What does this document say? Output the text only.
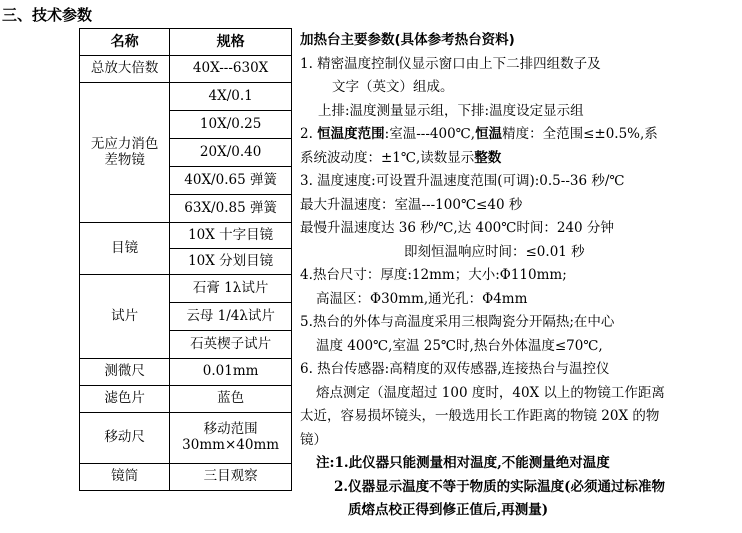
三、技术参数
名称	规格
总放大倍数	40X---630X
无应力消色
差物镜	4X/0.1
	10X/0.25
	20X/0.40
	40X/0.65 弹簧
	63X/0.85 弹簧
目镜	10X 十字目镜
	10X 分划目镜
试片	石膏 1λ试片
	云母 1/4λ试片
	石英楔子试片
测微尺	0.01mm
滤色片	蓝色
移动尺	移动范围
30mm×40mm
镜筒	三目观察
加热台主要参数(具体参考热台资料)
1. 精密温度控制仪显示窗口由上下二排四组数子及
文字（英文）组成。
上排:温度测量显示组，下排:温度设定显示组
2. 恒温度范围:室温---400℃,恒温精度：全范围≤±0.5%,系
系统波动度：±1℃,读数显示整数
3. 温度速度:可设置升温速度范围(可调):0.5--36 秒/℃
最大升温速度：室温---100℃≤40 秒
最慢升温速度达 36 秒/℃,达 400℃时间：240 分钟
即刻恒温响应时间：≤0.01 秒
4.热台尺寸：厚度:12mm；大小:Φ110mm;
高温区：Φ30mm,通光孔：Φ4mm
5.热台的外体与高温度采用三根陶瓷分开隔热;在中心
温度 400℃,室温 25℃时,热台外体温度≤70℃,
6. 热台传感器:高精度的双传感器,连接热台与温控仪
熔点测定（温度超过 100 度时，40X 以上的物镜工作距离
太近，容易损坏镜头，一般选用长工作距离的物镜 20X 的物
镜）
注:1.此仪器只能测量相对温度,不能测量绝对温度
2.仪器显示温度不等于物质的实际温度(必须通过标准物
质熔点校正得到修正值后,再测量)
